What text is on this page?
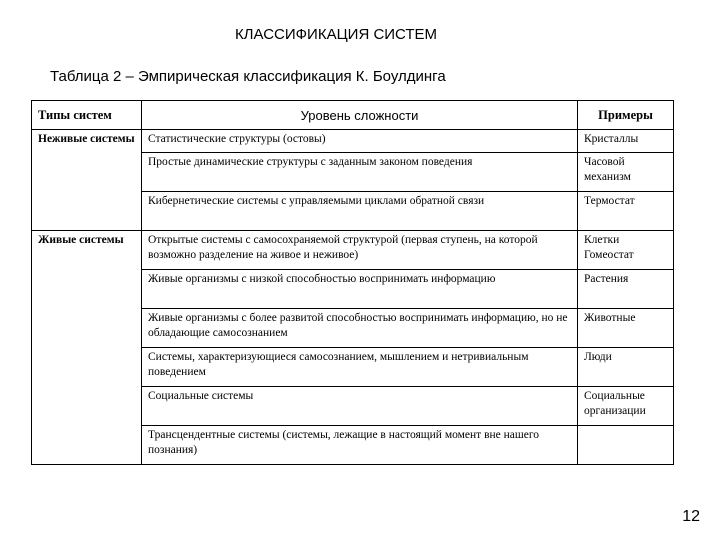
КЛАССИФИКАЦИЯ СИСТЕМ
Таблица 2 – Эмпирическая классификация К. Боулдинга
Типы систем	Уровень сложности	Примеры
Неживые системы	Статистические структуры (остовы)	Кристаллы
	Простые динамические структуры с заданным законом поведения	Часовой механизм
	Кибернетические системы с управляемыми циклами обратной связи	Термостат
Живые системы	Открытые системы с самосохраняемой структурой (первая ступень, на которой возможно разделение на живое и неживое)	Клетки Гомеостат
	Живые организмы с низкой способностью воспринимать информацию	Растения
	Живые организмы с более развитой способностью воспринимать информацию, но не обладающие самосознанием	Животные
	Системы, характеризующиеся самосознанием, мышлением и нетривиальным поведением	Люди
	Социальные системы	Социальные организации
	Трансцендентные системы (системы, лежащие в настоящий момент вне нашего познания)	
12
